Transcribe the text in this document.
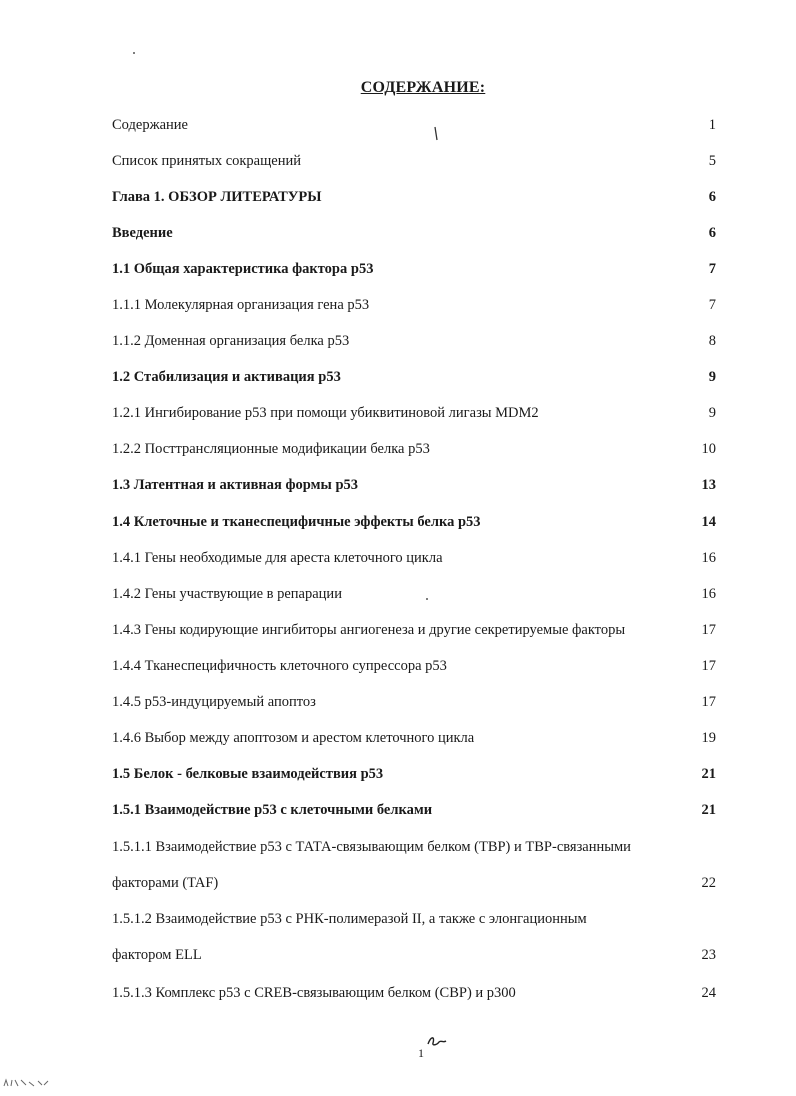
СОДЕРЖАНИЕ:
Содержание	1
Список принятых сокращений	5
Глава 1. ОБЗОР ЛИТЕРАТУРЫ	6
Введение	6
1.1 Общая характеристика фактора р53	7
1.1.1 Молекулярная организация гена р53	7
1.1.2 Доменная организация белка р53	8
1.2 Стабилизация и активация р53	9
1.2.1 Ингибирование р53 при помощи убиквитиновой лигазы MDM2	9
1.2.2 Посттрансляционные модификации белка р53	10
1.3 Латентная и активная формы р53	13
1.4 Клеточные и тканеспецифичные эффекты белка р53	14
1.4.1 Гены необходимые для ареста клеточного цикла	16
1.4.2 Гены участвующие в репарации	16
1.4.3 Гены кодирующие ингибиторы ангиогенеза и другие секретируемые факторы	17
1.4.4 Тканеспецифичность клеточного супрессора р53	17
1.4.5 р53-индуцируемый апоптоз	17
1.4.6 Выбор между апоптозом и арестом клеточного цикла	19
1.5 Белок - белковые взаимодействия р53	21
1.5.1 Взаимодействие р53 с клеточными белками	21
1.5.1.1 Взаимодействие р53 с ТАТА-связывающим белком (TBP) и ТВР-связанными
факторами (TAF)	22
1.5.1.2 Взаимодействие р53 с РНК-полимеразой II, а также с элонгационным
фактором ELL	23
1.5.1.3 Комплекс р53 с CREB-связывающим белком (CBP) и р300	24
1
